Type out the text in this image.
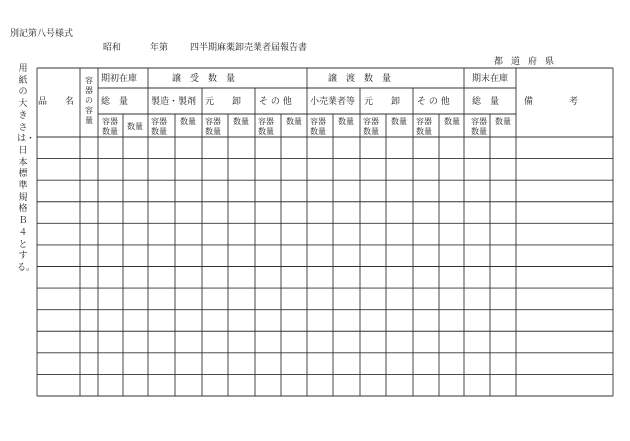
別記第八号様式
昭和	年第 四半期麻薬卸売業者届報告書
都道府県
用紙の大きさは・日本標準規格Ｂ４とする。
品　　名
容器の容量
期初在庫
総　量
容器数量
数量
譲　受　数　量
製造・製剤 元　　卸 そ の 他
譲　渡　数　量
小売業者等 元　　卸 そ の 他
期末在庫
総　量
容器数量
数量
備　　　　考
容器数量
数量 容器数量
数量 容器数量
数量 容器数量
数量 容器数量
数量 容器数量
数量
